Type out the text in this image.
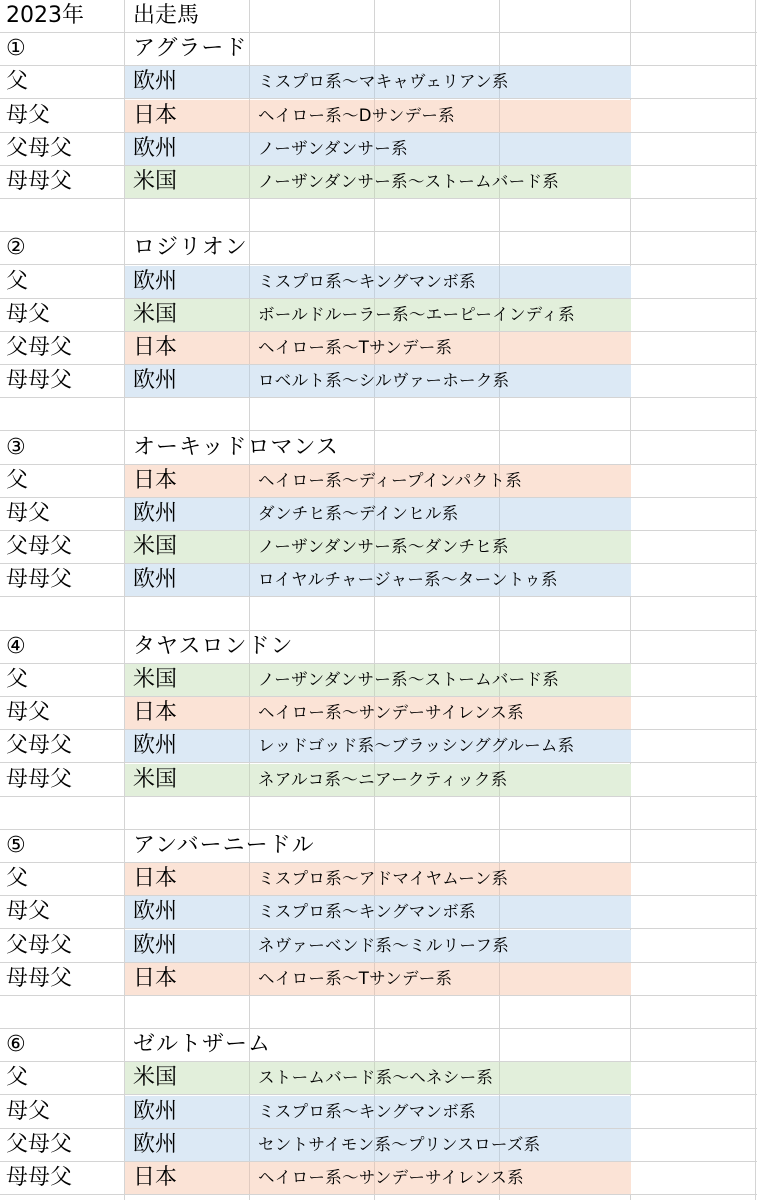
2023年	出走馬
①	アグラード
父	欧州	ミスプロ系～マキャヴェリアン系
母父	日本	ヘイロー系～Dサンデー系
父母父	欧州	ノーザンダンサー系
母母父	米国	ノーザンダンサー系～ストームバード系
②	ロジリオン
父	欧州	ミスプロ系～キングマンボ系
母父	米国	ボールドルーラー系～エーピーインディ系
父母父	日本	ヘイロー系～Tサンデー系
母母父	欧州	ロベルト系～シルヴァーホーク系
③	オーキッドロマンス
父	日本	ヘイロー系～ディープインパクト系
母父	欧州	ダンチヒ系～デインヒル系
父母父	米国	ノーザンダンサー系～ダンチヒ系
母母父	欧州	ロイヤルチャージャー系～ターントゥ系
④	タヤスロンドン
父	米国	ノーザンダンサー系～ストームバード系
母父	日本	ヘイロー系～サンデーサイレンス系
父母父	欧州	レッドゴッド系～ブラッシンググルーム系
母母父	米国	ネアルコ系～ニアークティック系
⑤	アンバーニードル
父	日本	ミスプロ系～アドマイヤムーン系
母父	欧州	ミスプロ系～キングマンボ系
父母父	欧州	ネヴァーベンド系～ミルリーフ系
母母父	日本	ヘイロー系～Tサンデー系
⑥	ゼルトザーム
父	米国	ストームバード系～ヘネシー系
母父	欧州	ミスプロ系～キングマンボ系
父母父	欧州	セントサイモン系～プリンスローズ系
母母父	日本	ヘイロー系～サンデーサイレンス系
